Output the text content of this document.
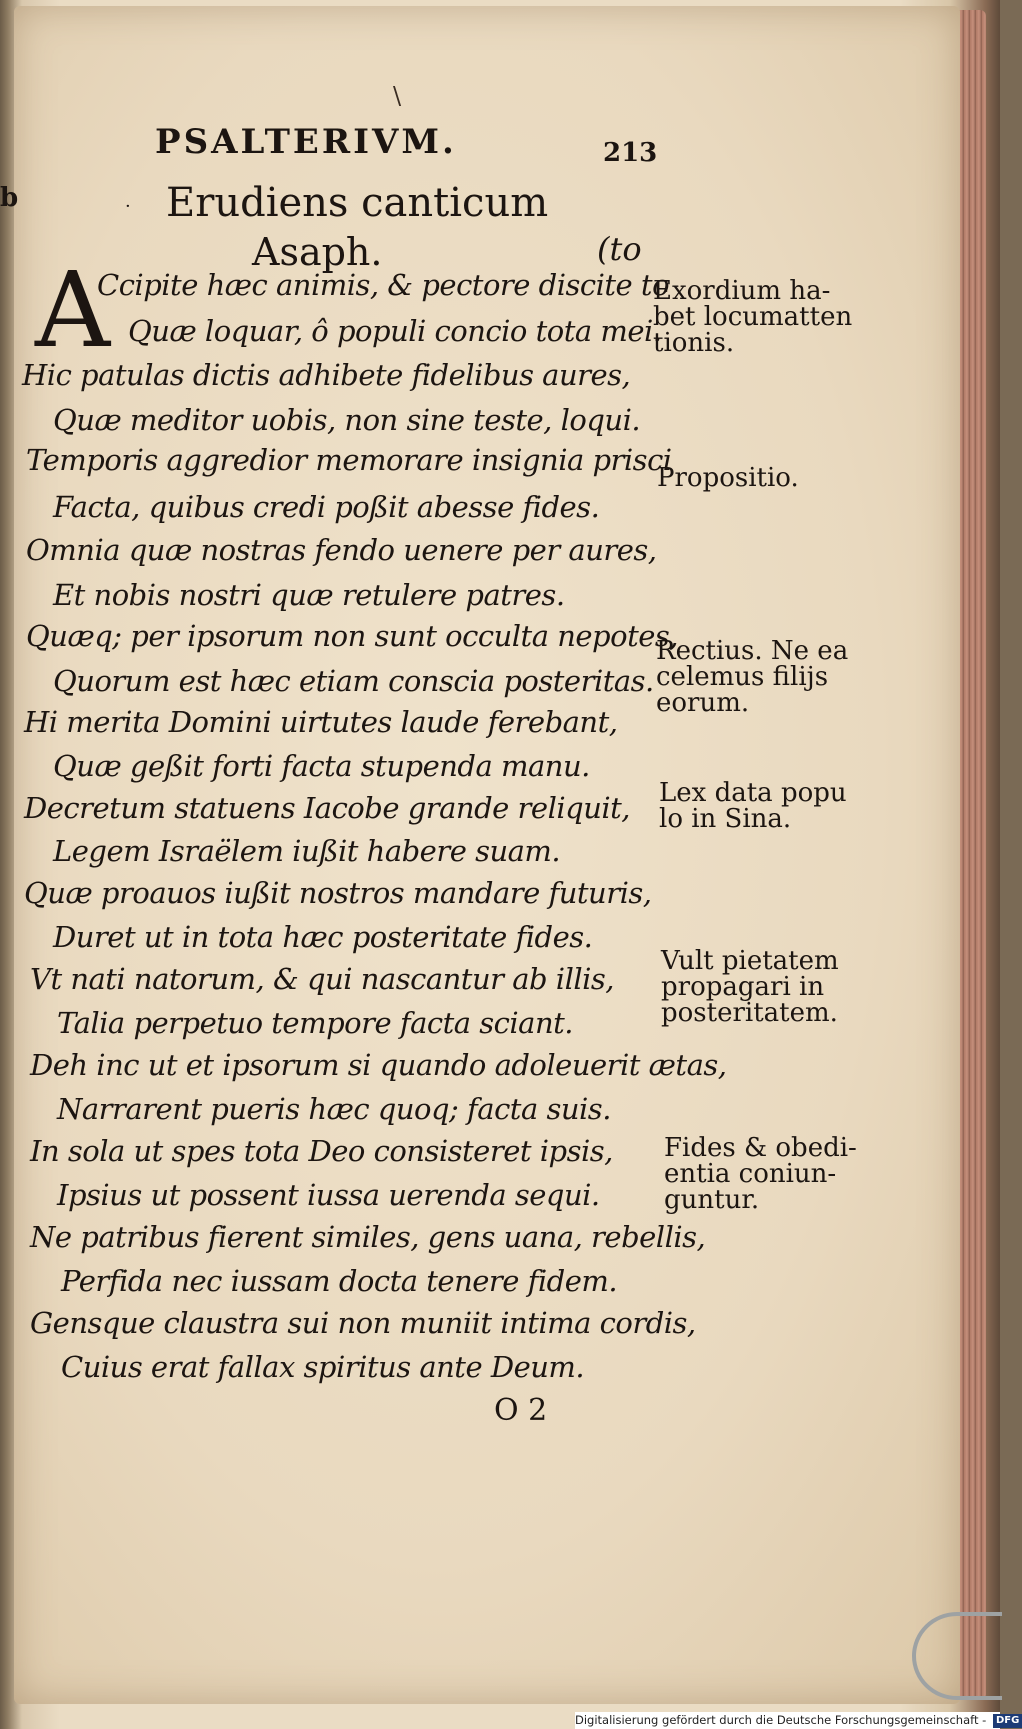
\
b
PSALTERIVM.	213
· Erudiens canticum
Asaph.	(to
A
Ccipite hæc animis, & pectore discite to
Quæ loquar, ô populi concio tota mei.
Hic patulas dictis adhibete fidelibus aures,
Quæ meditor uobis, non sine teste, loqui.
Temporis aggredior memorare insignia prisci
Facta, quibus credi poßit abesse fides.
Omnia quæ nostras fendo uenere per aures,
Et nobis nostri quæ retulere patres.
Quæq; per ipsorum non sunt occulta nepotes,
Quorum est hæc etiam conscia posteritas.
Hi merita Domini uirtutes laude ferebant,
Quæ geßit forti facta stupenda manu.
Decretum statuens Iacobe grande reliquit,
Legem Israëlem iußit habere suam.
Quæ proauos iußit nostros mandare futuris,
Duret ut in tota hæc posteritate fides.
Vt nati natorum, & qui nascantur ab illis,
Talia perpetuo tempore facta sciant.
Deh inc ut et ipsorum si quando adoleuerit ætas,
Narrarent pueris hæc quoq; facta suis.
In sola ut spes tota Deo consisteret ipsis,
Ipsius ut possent iussa uerenda sequi.
Ne patribus fierent similes, gens uana, rebellis,
Perfida nec iussam docta tenere fidem.
Gensque claustra sui non muniit intima cordis,
Cuius erat fallax spiritus ante Deum.
Exordium ha-
bet locumatten
tionis.
Propositio.
Rectius. Ne ea
celemus filijs
eorum.
Lex data popu
lo in Sina.
Vult pietatem
propagari in
posteritatem.
Fides & obedi-
entia coniun-
guntur.
O 2
Digitalisierung gefördert durch die Deutsche Forschungsgemeinschaft - DFG
